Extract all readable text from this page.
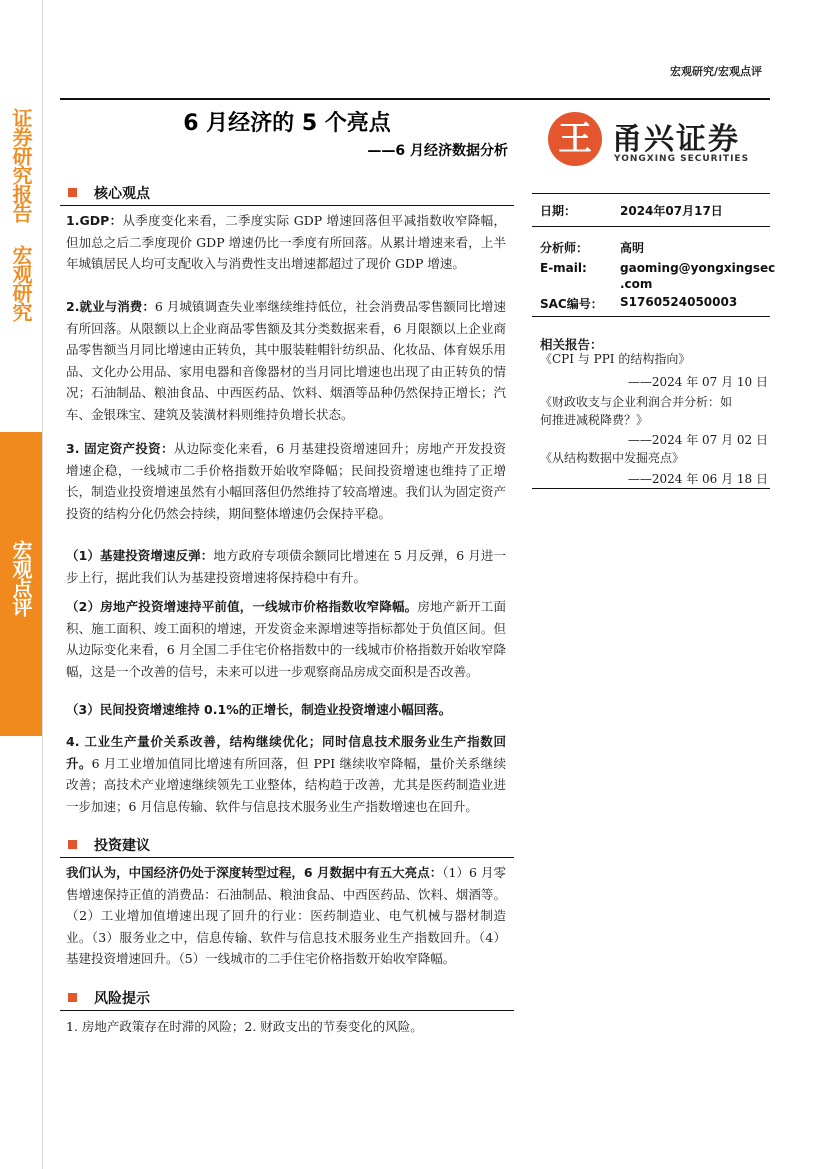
证券研究报告 宏观研究
宏观点评
宏观研究/宏观点评
6 月经济的 5 个亮点
——6 月经济数据分析 王 甬兴证券
YONGXING SECURITIES
日期：	2024年07月17日
分析师：	高明
E-mail:	gaoming@yongxingsec
.com
SAC编号： S1760524050003
相关报告：
《CPI 与 PPI 的结构指向》
——2024 年 07 月 10 日
《财政收支与企业利润合并分析：如
何推进减税降费？》
——2024 年 07 月 02 日
《从结构数据中发掘亮点》
——2024 年 06 月 18 日
核心观点
1.GDP：从季度变化来看，二季度实际 GDP 增速回落但平减指数收窄降幅，但加总之后二季度现价 GDP 增速仍比一季度有所回落。从累计增速来看，上半年城镇居民人均可支配收入与消费性支出增速都超过了现价 GDP 增速。
2.就业与消费：6 月城镇调查失业率继续维持低位，社会消费品零售额同比增速有所回落。从限额以上企业商品零售额及其分类数据来看，6 月限额以上企业商品零售额当月同比增速由正转负，其中服装鞋帽针纺织品、化妆品、体育娱乐用品、文化办公用品、家用电器和音像器材的当月同比增速也出现了由正转负的情况；石油制品、粮油食品、中西医药品、饮料、烟酒等品种仍然保持正增长；汽车、金银珠宝、建筑及装潢材料则维持负增长状态。
3. 固定资产投资：从边际变化来看，6 月基建投资增速回升；房地产开发投资增速企稳，一线城市二手价格指数开始收窄降幅；民间投资增速也维持了正增长，制造业投资增速虽然有小幅回落但仍然维持了较高增速。我们认为固定资产投资的结构分化仍然会持续，期间整体增速仍会保持平稳。
（1）基建投资增速反弹：地方政府专项债余额同比增速在 5 月反弹，6 月进一步上行，据此我们认为基建投资增速将保持稳中有升。
（2）房地产投资增速持平前值，一线城市价格指数收窄降幅。房地产新开工面积、施工面积、竣工面积的增速，开发资金来源增速等指标都处于负值区间。但从边际变化来看，6 月全国二手住宅价格指数中的一线城市价格指数开始收窄降幅，这是一个改善的信号，未来可以进一步观察商品房成交面积是否改善。
（3）民间投资增速维持 0.1%的正增长，制造业投资增速小幅回落。
4. 工业生产量价关系改善，结构继续优化；同时信息技术服务业生产指数回升。6 月工业增加值同比增速有所回落，但 PPI 继续收窄降幅，量价关系继续改善；高技术产业增速继续领先工业整体，结构趋于改善，尤其是医药制造业进一步加速；6 月信息传输、软件与信息技术服务业生产指数增速也在回升。
投资建议
我们认为，中国经济仍处于深度转型过程，6 月数据中有五大亮点：（1）6 月零售增速保持正值的消费品：石油制品、粮油食品、中西医药品、饮料、烟酒等。（2）工业增加值增速出现了回升的行业：医药制造业、电气机械与器材制造业。（3）服务业之中，信息传输、软件与信息技术服务业生产指数回升。（4）基建投资增速回升。（5）一线城市的二手住宅价格指数开始收窄降幅。
风险提示
1. 房地产政策存在时滞的风险；2. 财政支出的节奏变化的风险。
